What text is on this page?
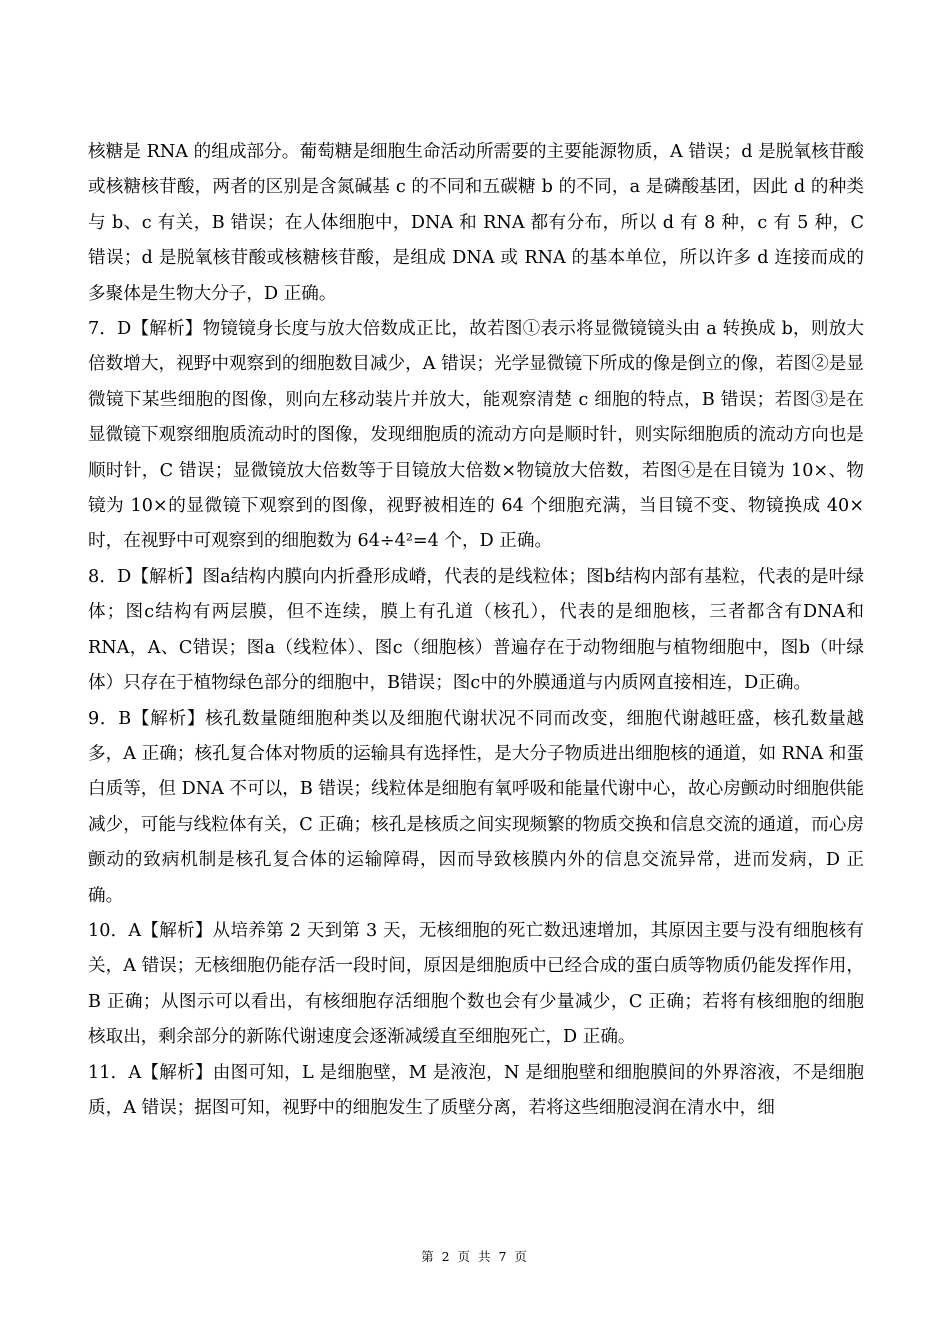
核糖是 RNA 的组成部分。葡萄糖是细胞生命活动所需要的主要能源物质，A 错误；d 是脱氧核苷酸或核糖核苷酸，两者的区别是含氮碱基 c 的不同和五碳糖 b 的不同，a 是磷酸基团，因此 d 的种类与 b、c 有关，B 错误；在人体细胞中，DNA 和 RNA 都有分布，所以 d 有 8 种，c 有 5 种，C 错误；d 是脱氧核苷酸或核糖核苷酸，是组成 DNA 或 RNA 的基本单位，所以许多 d 连接而成的多聚体是生物大分子，D 正确。

7．D【解析】物镜镜身长度与放大倍数成正比，故若图①表示将显微镜镜头由 a 转换成 b，则放大倍数增大，视野中观察到的细胞数目减少，A 错误；光学显微镜下所成的像是倒立的像，若图②是显微镜下某些细胞的图像，则向左移动装片并放大，能观察清楚 c 细胞的特点，B 错误；若图③是在显微镜下观察细胞质流动时的图像，发现细胞质的流动方向是顺时针，则实际细胞质的流动方向也是顺时针，C 错误；显微镜放大倍数等于目镜放大倍数×物镜放大倍数，若图④是在目镜为 10×、物镜为 10×的显微镜下观察到的图像，视野被相连的 64 个细胞充满，当目镜不变、物镜换成 40×时，在视野中可观察到的细胞数为 64÷4²=4 个，D 正确。

8．D【解析】图a结构内膜向内折叠形成嵴，代表的是线粒体；图b结构内部有基粒，代表的是叶绿体；图c结构有两层膜，但不连续，膜上有孔道（核孔），代表的是细胞核，三者都含有DNA和RNA，A、C错误；图a（线粒体）、图c（细胞核）普遍存在于动物细胞与植物细胞中，图b（叶绿体）只存在于植物绿色部分的细胞中，B错误；图c中的外膜通道与内质网直接相连，D正确。

9．B【解析】核孔数量随细胞种类以及细胞代谢状况不同而改变，细胞代谢越旺盛，核孔数量越多，A 正确；核孔复合体对物质的运输具有选择性，是大分子物质进出细胞核的通道，如 RNA 和蛋白质等，但 DNA 不可以，B 错误；线粒体是细胞有氧呼吸和能量代谢中心，故心房颤动时细胞供能减少，可能与线粒体有关，C 正确；核孔是核质之间实现频繁的物质交换和信息交流的通道，而心房颤动的致病机制是核孔复合体的运输障碍，因而导致核膜内外的信息交流异常，进而发病，D 正确。

10．A【解析】从培养第 2 天到第 3 天，无核细胞的死亡数迅速增加，其原因主要与没有细胞核有关，A 错误；无核细胞仍能存活一段时间，原因是细胞质中已经合成的蛋白质等物质仍能发挥作用，B 正确；从图示可以看出，有核细胞存活细胞个数也会有少量减少，C 正确；若将有核细胞的细胞核取出，剩余部分的新陈代谢速度会逐渐减缓直至细胞死亡，D 正确。

11．A【解析】由图可知，L 是细胞壁，M 是液泡，N 是细胞壁和细胞膜间的外界溶液，不是细胞质，A 错误；据图可知，视野中的细胞发生了质壁分离，若将这些细胞浸润在清水中，细

第 2 页 共 7 页
